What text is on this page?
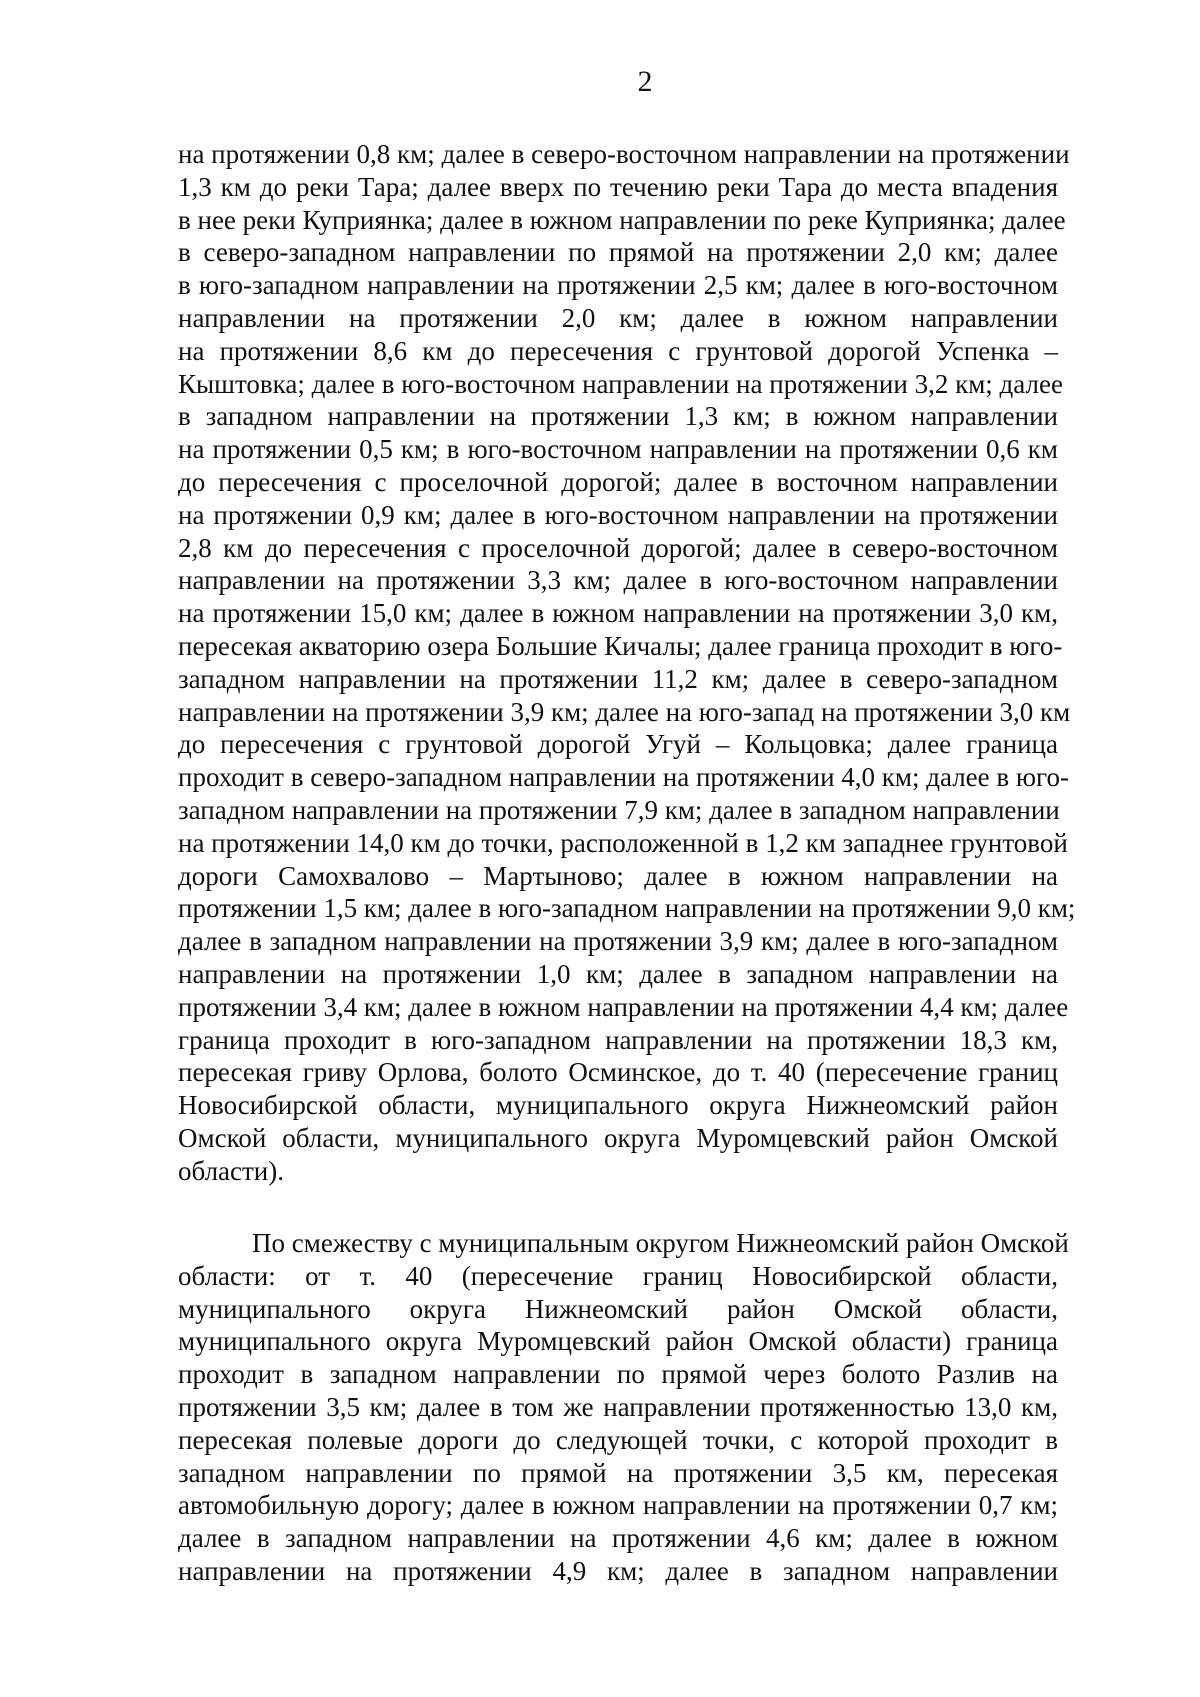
2
на протяжении 0,8 км; далее в северо-восточном направлении на протяжении
1,3 км до реки Тара; далее вверх по течению реки Тара до места впадения
в нее реки Куприянка; далее в южном направлении по реке Куприянка; далее
в северо-западном направлении по прямой на протяжении 2,0 км; далее
в юго-западном направлении на протяжении 2,5 км; далее в юго-восточном
направлении на протяжении 2,0 км; далее в южном направлении
на протяжении 8,6 км до пересечения с грунтовой дорогой Успенка –
Кыштовка; далее в юго-восточном направлении на протяжении 3,2 км; далее
в западном направлении на протяжении 1,3 км; в южном направлении
на протяжении 0,5 км; в юго-восточном направлении на протяжении 0,6 км
до пересечения с проселочной дорогой; далее в восточном направлении
на протяжении 0,9 км; далее в юго-восточном направлении на протяжении
2,8 км до пересечения с проселочной дорогой; далее в северо-восточном
направлении на протяжении 3,3 км; далее в юго-восточном направлении
на протяжении 15,0 км; далее в южном направлении на протяжении 3,0 км,
пересекая акваторию озера Большие Кичалы; далее граница проходит в юго-
западном направлении на протяжении 11,2 км; далее в северо-западном
направлении на протяжении 3,9 км; далее на юго-запад на протяжении 3,0 км
до пересечения с грунтовой дорогой Угуй – Кольцовка; далее граница
проходит в северо-западном направлении на протяжении 4,0 км; далее в юго-
западном направлении на протяжении 7,9 км; далее в западном направлении
на протяжении 14,0 км до точки, расположенной в 1,2 км западнее грунтовой
дороги Самохвалово – Мартыново; далее в южном направлении на
протяжении 1,5 км; далее в юго-западном направлении на протяжении 9,0 км;
далее в западном направлении на протяжении 3,9 км; далее в юго-западном
направлении на протяжении 1,0 км; далее в западном направлении на
протяжении 3,4 км; далее в южном направлении на протяжении 4,4 км; далее
граница проходит в юго-западном направлении на протяжении 18,3 км,
пересекая гриву Орлова, болото Осминское, до т. 40 (пересечение границ
Новосибирской области, муниципального округа Нижнеомский район
Омской области, муниципального округа Муромцевский район Омской
области).
По смежеству с муниципальным округом Нижнеомский район Омской
области: от т. 40 (пересечение границ Новосибирской области,
муниципального округа Нижнеомский район Омской области,
муниципального округа Муромцевский район Омской области) граница
проходит в западном направлении по прямой через болото Разлив на
протяжении 3,5 км; далее в том же направлении протяженностью 13,0 км,
пересекая полевые дороги до следующей точки, с которой проходит в
западном направлении по прямой на протяжении 3,5 км, пересекая
автомобильную дорогу; далее в южном направлении на протяжении 0,7 км;
далее в западном направлении на протяжении 4,6 км; далее в южном
направлении на протяжении 4,9 км; далее в западном направлении
